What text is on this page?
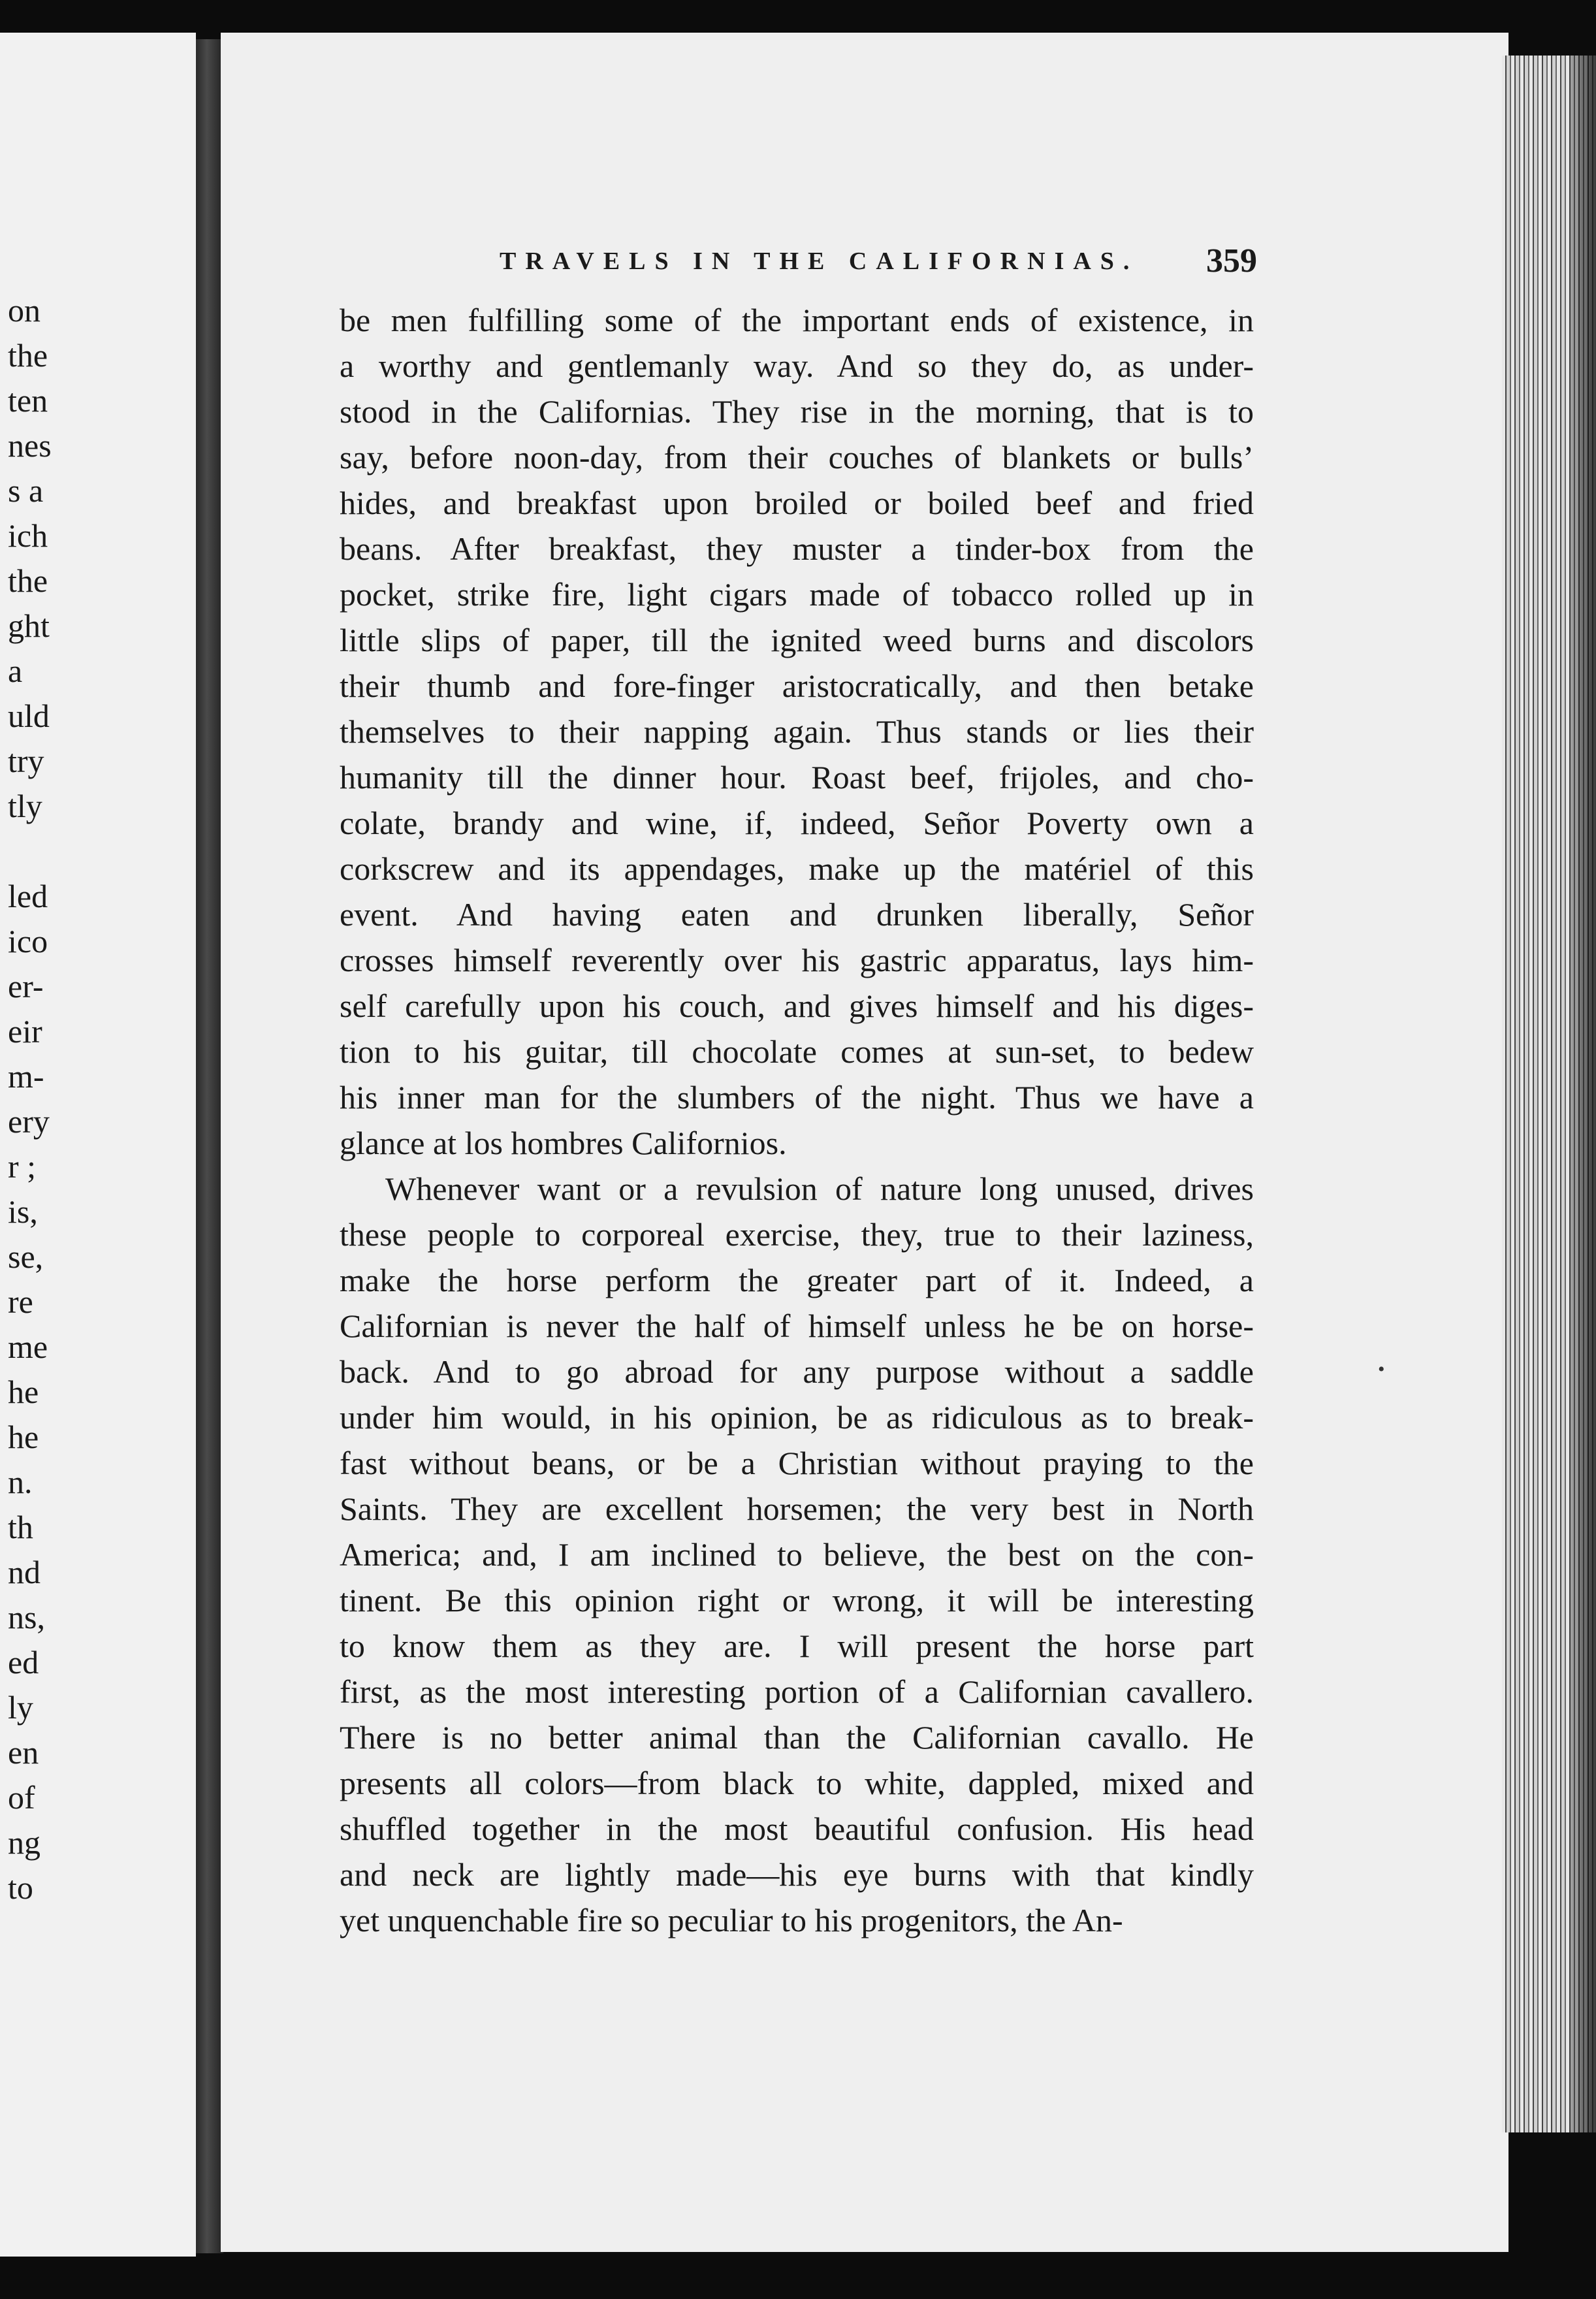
on
the
ten
nes
s a
ich
the
ght
a
uld
try
tly
led
ico
er-
eir
m-
ery
r ;
is,
se,
re
me
he
he
n.
th
nd
ns,
ed
ly
en
of
ng
to
TRAVELS IN THE CALIFORNIAS. 359
be men fulfilling some of the important ends of existence, in
a worthy and gentlemanly way. And so they do, as under-
stood in the Californias. They rise in the morning, that is to
say, before noon-day, from their couches of blankets or bulls’
hides, and breakfast upon broiled or boiled beef and fried
beans. After breakfast, they muster a tinder-box from the
pocket, strike fire, light cigars made of tobacco rolled up in
little slips of paper, till the ignited weed burns and discolors
their thumb and fore-finger aristocratically, and then betake
themselves to their napping again. Thus stands or lies their
humanity till the dinner hour. Roast beef, frijoles, and cho-
colate, brandy and wine, if, indeed, Señor Poverty own a
corkscrew and its appendages, make up the matériel of this
event. And having eaten and drunken liberally, Señor
crosses himself reverently over his gastric apparatus, lays him-
self carefully upon his couch, and gives himself and his diges-
tion to his guitar, till chocolate comes at sun-set, to bedew
his inner man for the slumbers of the night. Thus we have a
glance at los hombres Californios.
Whenever want or a revulsion of nature long unused, drives
these people to corporeal exercise, they, true to their laziness,
make the horse perform the greater part of it. Indeed, a
Californian is never the half of himself unless he be on horse-
back. And to go abroad for any purpose without a saddle
under him would, in his opinion, be as ridiculous as to break-
fast without beans, or be a Christian without praying to the
Saints. They are excellent horsemen; the very best in North
America; and, I am inclined to believe, the best on the con-
tinent. Be this opinion right or wrong, it will be interesting
to know them as they are. I will present the horse part
first, as the most interesting portion of a Californian cavallero.
There is no better animal than the Californian cavallo. He
presents all colors—from black to white, dappled, mixed and
shuffled together in the most beautiful confusion. His head
and neck are lightly made—his eye burns with that kindly
yet unquenchable fire so peculiar to his progenitors, the An-
•
